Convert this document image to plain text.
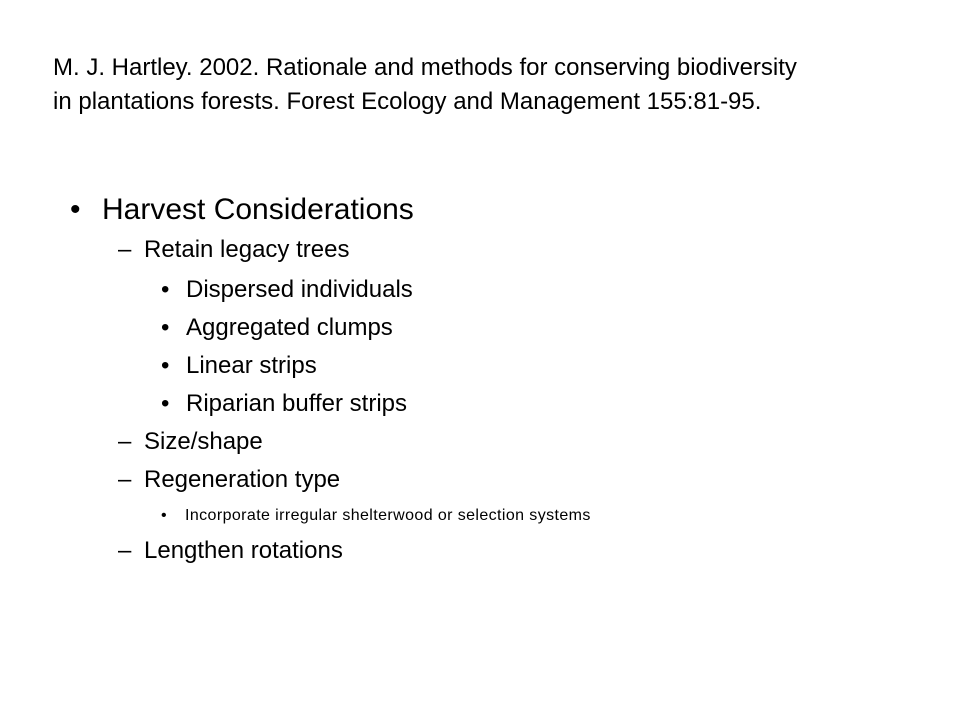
M. J. Hartley. 2002. Rationale and methods for conserving biodiversity
in plantations forests. Forest Ecology and Management 155:81-95.

• Harvest Considerations
– Retain legacy trees
• Dispersed individuals
• Aggregated clumps
• Linear strips
• Riparian buffer strips
– Size/shape
– Regeneration type
• Incorporate irregular shelterwood or selection systems
– Lengthen rotations
